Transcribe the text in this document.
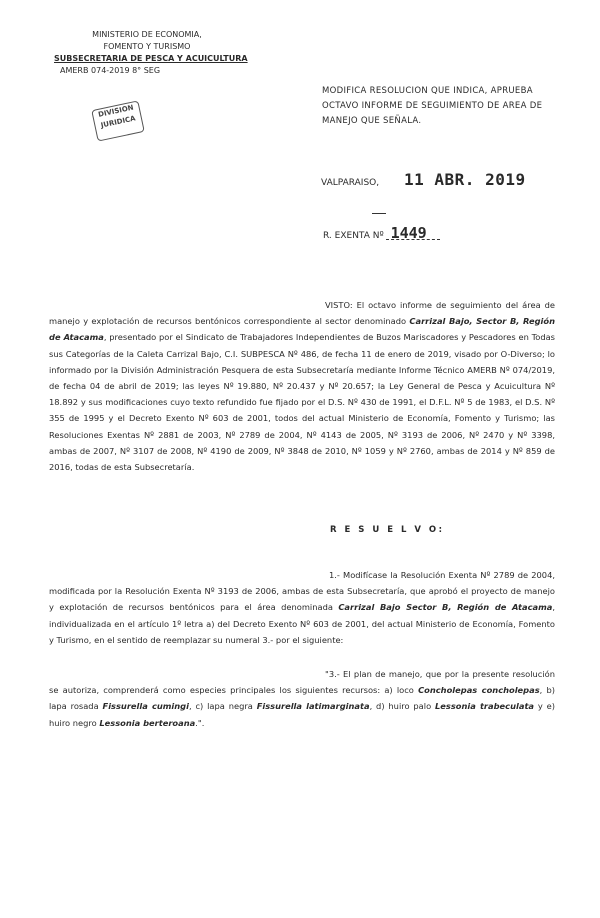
MINISTERIO DE ECONOMIA,
FOMENTO Y TURISMO
SUBSECRETARIA DE PESCA Y ACUICULTURA
AMERB 074-2019 8° SEG
DIVISION
JURIDICA
MODIFICA RESOLUCION QUE INDICA, APRUEBA OCTAVO INFORME DE SEGUIMIENTO DE AREA DE MANEJO QUE SEÑALA.
VALPARAISO, 11 ABR. 2019
R. EXENTA Nº 1449

VISTO: El octavo informe de seguimiento del área de manejo y explotación de recursos bentónicos correspondiente al sector denominado Carrizal Bajo, Sector B, Región de Atacama, presentado por el Sindicato de Trabajadores Independientes de Buzos Mariscadores y Pescadores en Todas sus Categorías de la Caleta Carrizal Bajo, C.I. SUBPESCA Nº 486, de fecha 11 de enero de 2019, visado por O-Diverso; lo informado por la División Administración Pesquera de esta Subsecretaría mediante Informe Técnico AMERB Nº 074/2019, de fecha 04 de abril de 2019; las leyes Nº 19.880, Nº 20.437 y Nº 20.657; la Ley General de Pesca y Acuicultura Nº 18.892 y sus modificaciones cuyo texto refundido fue fijado por el D.S. Nº 430 de 1991, el D.F.L. Nº 5 de 1983, el D.S. Nº 355 de 1995 y el Decreto Exento Nº 603 de 2001, todos del actual Ministerio de Economía, Fomento y Turismo; las Resoluciones Exentas Nº 2881 de 2003, Nº 2789 de 2004, Nº 4143 de 2005, Nº 3193 de 2006, Nº 2470 y Nº 3398, ambas de 2007, Nº 3107 de 2008, Nº 4190 de 2009, Nº 3848 de 2010, Nº 1059 y Nº 2760, ambas de 2014 y Nº 859 de 2016, todas de esta Subsecretaría.

R E S U E L V O:

1.- Modifícase la Resolución Exenta Nº 2789 de 2004, modificada por la Resolución Exenta Nº 3193 de 2006, ambas de esta Subsecretaría, que aprobó el proyecto de manejo y explotación de recursos bentónicos para el área denominada Carrizal Bajo Sector B, Región de Atacama, individualizada en el artículo 1º letra a) del Decreto Exento Nº 603 de 2001, del actual Ministerio de Economía, Fomento y Turismo, en el sentido de reemplazar su numeral 3.- por el siguiente:

"3.- El plan de manejo, que por la presente resolución se autoriza, comprenderá como especies principales los siguientes recursos: a) loco Concholepas concholepas, b) lapa rosada Fissurella cumingi, c) lapa negra Fissurella latimarginata, d) huiro palo Lessonia trabeculata y e) huiro negro Lessonia berteroana.".
